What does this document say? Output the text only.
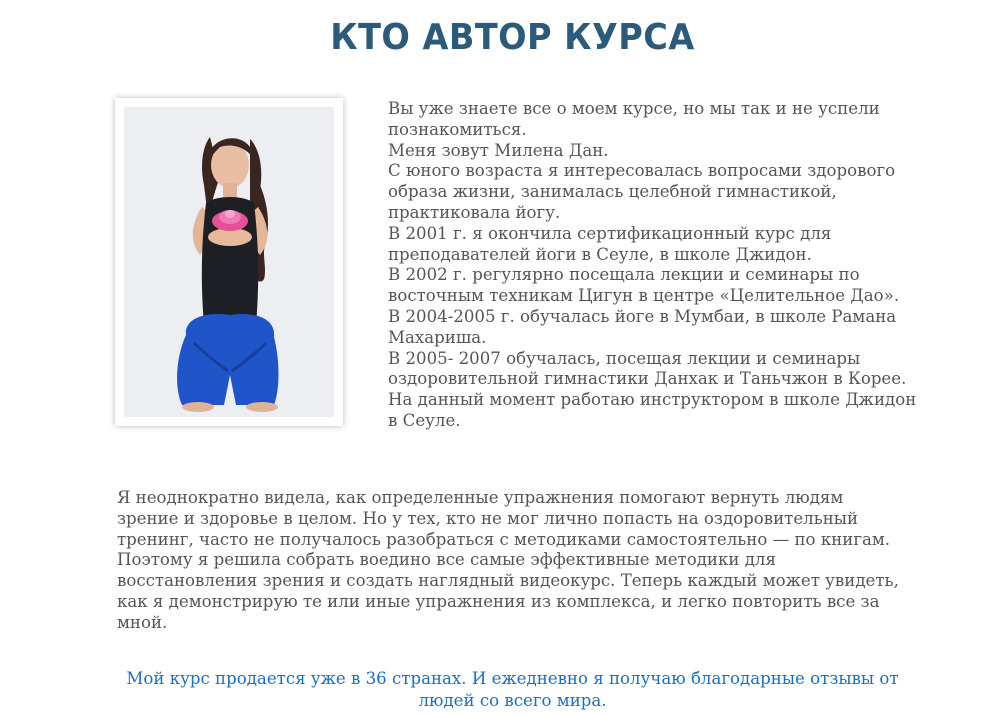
КТО АВТОР КУРСА

Вы уже знаете все о моем курсе, но мы так и не успели познакомиться.

Меня зовут Милена Дан.

С юного возраста я интересовалась вопросами здорового образа жизни, занималась целебной гимнастикой, практиковала йогу.

В 2001 г. я окончила сертификационный курс для преподавателей йоги в Сеуле, в школе Джидон.

В 2002 г. регулярно посещала лекции и семинары по восточным техникам Цигун в центре «Целительное Дао».

В 2004-2005 г. обучалась йоге в Мумбаи, в школе Рамана Махариша.

В 2005- 2007 обучалась, посещая лекции и семинары оздоровительной гимнастики Данхак и Таньчжон в Корее.

На данный момент работаю инструктором в школе Джидон в Сеуле.

Я неоднократно видела, как определенные упражнения помогают вернуть людям зрение и здоровье в целом. Но у тех, кто не мог лично попасть на оздоровительный тренинг, часто не получалось разобраться с методиками самостоятельно — по книгам.

Поэтому я решила собрать воедино все самые эффективные методики для восстановления зрения и создать наглядный видеокурс. Теперь каждый может увидеть, как я демонстрирую те или иные упражнения из комплекса, и легко повторить все за мной.

Мой курс продается уже в 36 странах. И ежедневно я получаю благодарные отзывы от людей со всего мира.
